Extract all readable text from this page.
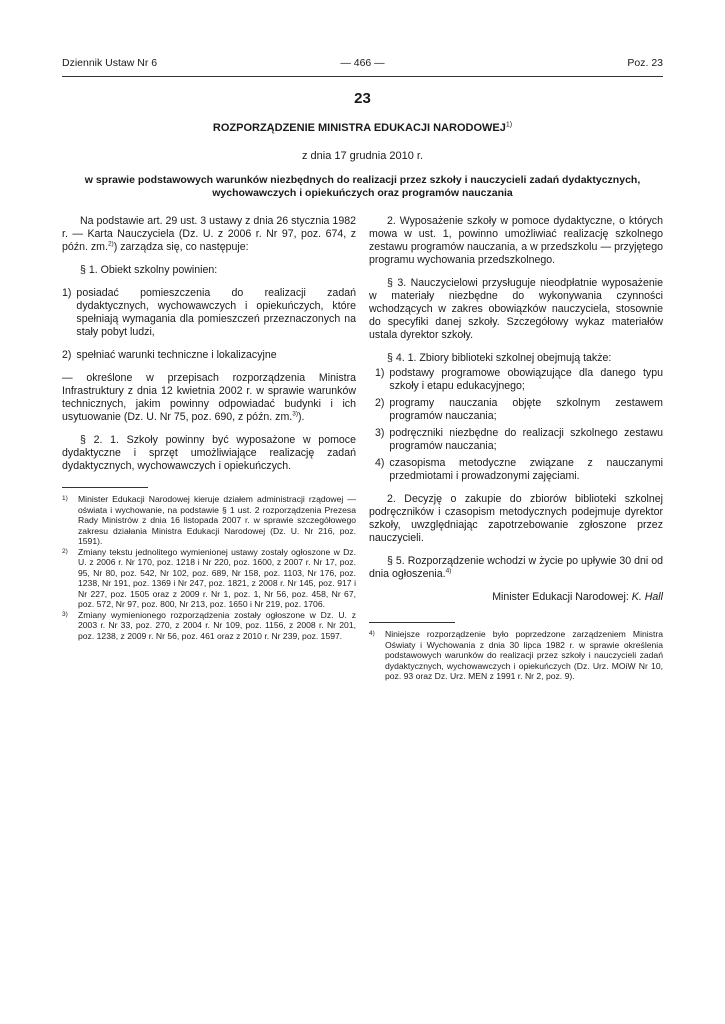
Dziennik Ustaw Nr 6	— 466 —	Poz. 23
23
ROZPORZĄDZENIE MINISTRA EDUKACJI NARODOWEJ$^{1)}$
z dnia 17 grudnia 2010 r.
w sprawie podstawowych warunków niezbędnych do realizacji przez szkoły i nauczycieli zadań dydaktycznych, wychowawczych i opiekuńczych oraz programów nauczania

Na podstawie art. 29 ust. 3 ustawy z dnia 26 stycznia 1982 r. — Karta Nauczyciela (Dz. U. z 2006 r. Nr 97, poz. 674, z późn. zm.$^{2)}$) zarządza się, co następuje:

§ 1. Obiekt szkolny powinien:

1) posiadać pomieszczenia do realizacji zadań dydaktycznych, wychowawczych i opiekuńczych, które spełniają wymagania dla pomieszczeń przeznaczonych na stały pobyt ludzi,
2) spełniać warunki techniczne i lokalizacyjne

— określone w przepisach rozporządzenia Ministra Infrastruktury z dnia 12 kwietnia 2002 r. w sprawie warunków technicznych, jakim powinny odpowiadać budynki i ich usytuowanie (Dz. U. Nr 75, poz. 690, z późn. zm.$^{3)}$).

§ 2. 1. Szkoły powinny być wyposażone w pomoce dydaktyczne i sprzęt umożliwiające realizację zadań dydaktycznych, wychowawczych i opiekuńczych.

1)	Minister Edukacji Narodowej kieruje działem administracji rządowej — oświata i wychowanie, na podstawie § 1 ust. 2 rozporządzenia Prezesa Rady Ministrów z dnia 16 listopada 2007 r. w sprawie szczegółowego zakresu działania Ministra Edukacji Narodowej (Dz. U. Nr 216, poz. 1591).
2)	Zmiany tekstu jednolitego wymienionej ustawy zostały ogłoszone w Dz. U. z 2006 r. Nr 170, poz. 1218 i Nr 220, poz. 1600, z 2007 r. Nr 17, poz. 95, Nr 80, poz. 542, Nr 102, poz. 689, Nr 158, poz. 1103, Nr 176, poz. 1238, Nr 191, poz. 1369 i Nr 247, poz. 1821, z 2008 r. Nr 145, poz. 917 i Nr 227, poz. 1505 oraz z 2009 r. Nr 1, poz. 1, Nr 56, poz. 458, Nr 67, poz. 572, Nr 97, poz. 800, Nr 213, poz. 1650 i Nr 219, poz. 1706.
3)	Zmiany wymienionego rozporządzenia zostały ogłoszone w Dz. U. z 2003 r. Nr 33, poz. 270, z 2004 r. Nr 109, poz. 1156, z 2008 r. Nr 201, poz. 1238, z 2009 r. Nr 56, poz. 461 oraz z 2010 r. Nr 239, poz. 1597.

2. Wyposażenie szkoły w pomoce dydaktyczne, o których mowa w ust. 1, powinno umożliwiać realizację szkolnego zestawu programów nauczania, a w przedszkolu — przyjętego programu wychowania przedszkolnego.

§ 3. Nauczycielowi przysługuje nieodpłatnie wyposażenie w materiały niezbędne do wykonywania czynności wchodzących w zakres obowiązków nauczyciela, stosownie do specyfiki danej szkoły. Szczegółowy wykaz materiałów ustala dyrektor szkoły.

§ 4. 1. Zbiory biblioteki szkolnej obejmują także:

1) podstawy programowe obowiązujące dla danego typu szkoły i etapu edukacyjnego;
2) programy nauczania objęte szkolnym zestawem programów nauczania;
3) podręczniki niezbędne do realizacji szkolnego zestawu programów nauczania;
4) czasopisma metodyczne związane z nauczanymi przedmiotami i prowadzonymi zajęciami.

2. Decyzję o zakupie do zbiorów biblioteki szkolnej podręczników i czasopism metodycznych podejmuje dyrektor szkoły, uwzględniając zapotrzebowanie zgłoszone przez nauczycieli.

§ 5. Rozporządzenie wchodzi w życie po upływie 30 dni od dnia ogłoszenia.$^{4)}$

Minister Edukacji Narodowej: K. Hall

4)	Niniejsze rozporządzenie było poprzedzone zarządzeniem Ministra Oświaty i Wychowania z dnia 30 lipca 1982 r. w sprawie określenia podstawowych warunków do realizacji przez szkoły i nauczycieli zadań dydaktycznych, wychowawczych i opiekuńczych (Dz. Urz. MOiW Nr 10, poz. 93 oraz Dz. Urz. MEN z 1991 r. Nr 2, poz. 9).
